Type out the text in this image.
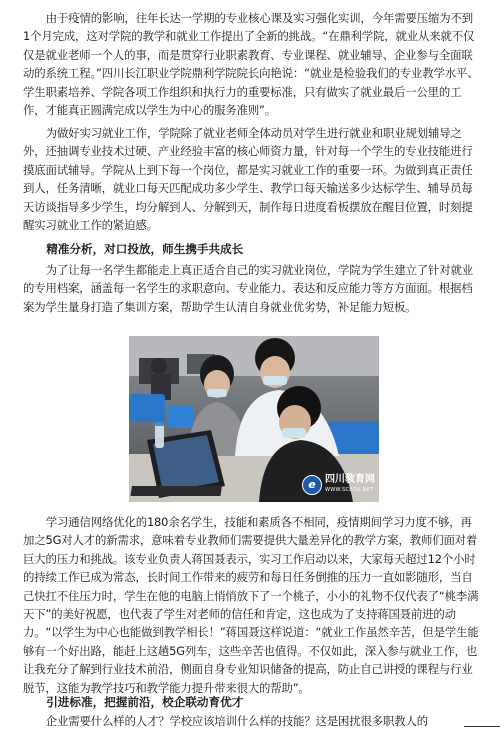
由于疫情的影响，往年长达一学期的专业核心课及实习强化实训，今年需要压缩为不到1个月完成，这对学院的教学和就业工作提出了全新的挑战。“在鼎利学院，就业从来就不仅仅是就业老师一个人的事，而是贯穿行业职素教育、专业课程、就业辅导、企业参与全面联动的系统工程。”四川长江职业学院鼎利学院院长向艳说：“就业是检验我们的专业教学水平、学生职素培养、学院各项工作组织和执行力的重要标准，只有做实了就业最后一公里的工作，才能真正圆满完成以学生为中心的服务准则”。

为做好实习就业工作，学院除了就业老师全体动员对学生进行就业和职业规划辅导之外，还抽调专业技术过硬、产业经验丰富的核心师资力量，针对每一个学生的专业技能进行摸底面试辅导。学院从上到下每一个岗位，都是实习就业工作的重要一环。为做到真正责任到人，任务清晰，就业口每天匹配成功多少学生、教学口每天输送多少达标学生、辅导员每天访谈指导多少学生，均分解到人、分解到天，制作每日进度看板摆放在醒目位置，时刻提醒实习就业工作的紧迫感。

精准分析，对口投放，师生携手共成长

为了让每一名学生都能走上真正适合自己的实习就业岗位，学院为学生建立了针对就业的专用档案，涵盖每一名学生的求职意向、专业能力、表达和反应能力等方方面面。根据档案为学生量身打造了集训方案，帮助学生认清自身就业优劣势，补足能力短板。

e 四川教育网
WWW.SCEDU.NET

学习通信网络优化的180余名学生，技能和素质各不相同，疫情期间学习力度不够，再加之5G对人才的新需求，意味着专业教师们需要提供大量差异化的教学方案，教师们面对着巨大的压力和挑战。该专业负责人蒋国聂表示，实习工作启动以来，大家每天超过12个小时的持续工作已成为常态，长时间工作带来的疲劳和每日任务倒推的压力一直如影随形，当自己快扛不住压力时，学生在他的电脑上悄悄放下了一个桃子，小小的礼物不仅代表了“桃李满天下”的美好祝愿，也代表了学生对老师的信任和肯定，这也成为了支持蒋国聂前进的动力。“以学生为中心也能做到教学相长！”蒋国聂这样说道：“就业工作虽然辛苦，但是学生能够有一个好出路，能赶上这趟5G列车，这些辛苦也值得。不仅如此，深入参与就业工作，也让我充分了解到行业技术前沿，侧面自身专业知识储备的提高，防止自己讲授的课程与行业脱节，这能为教学技巧和教学能力提升带来很大的帮助”。

引进标准，把握前沿，校企联动育优才

企业需要什么样的人才？学校应该培训什么样的技能？这是困扰很多职教人的
